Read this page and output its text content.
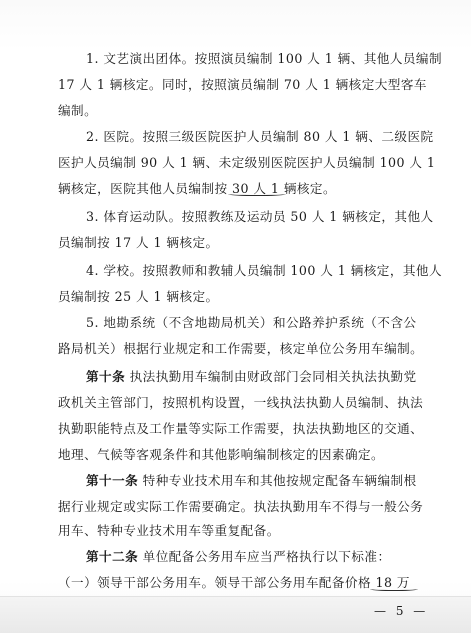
1. 文艺演出团体。按照演员编制 100 人 1 辆、其他人员编制
17 人 1 辆核定。同时，按照演员编制 70 人 1 辆核定大型客车
编制。
2. 医院。按照三级医院医护人员编制 80 人 1 辆、二级医院
医护人员编制 90 人 1 辆、未定级别医院医护人员编制 100 人 1
辆核定，医院其他人员编制按 30 人 1 辆核定。
3. 体育运动队。按照教练及运动员 50 人 1 辆核定，其他人
员编制按 17 人 1 辆核定。
4. 学校。按照教师和教辅人员编制 100 人 1 辆核定，其他人
员编制按 25 人 1 辆核定。
5. 地勘系统（不含地勘局机关）和公路养护系统（不含公
路局机关）根据行业规定和工作需要，核定单位公务用车编制。
第十条 执法执勤用车编制由财政部门会同相关执法执勤党
政机关主管部门，按照机构设置，一线执法执勤人员编制、执法
执勤职能特点及工作量等实际工作需要，执法执勤地区的交通、
地理、气候等客观条件和其他影响编制核定的因素确定。
第十一条 特种专业技术用车和其他按规定配备车辆编制根
据行业规定或实际工作需要确定。执法执勤用车不得与一般公务
用车、特种专业技术用车等重复配备。
第十二条 单位配备公务用车应当严格执行以下标准：
— 5 —
（一）领导干部公务用车。领导干部公务用车配备价格 18 万
